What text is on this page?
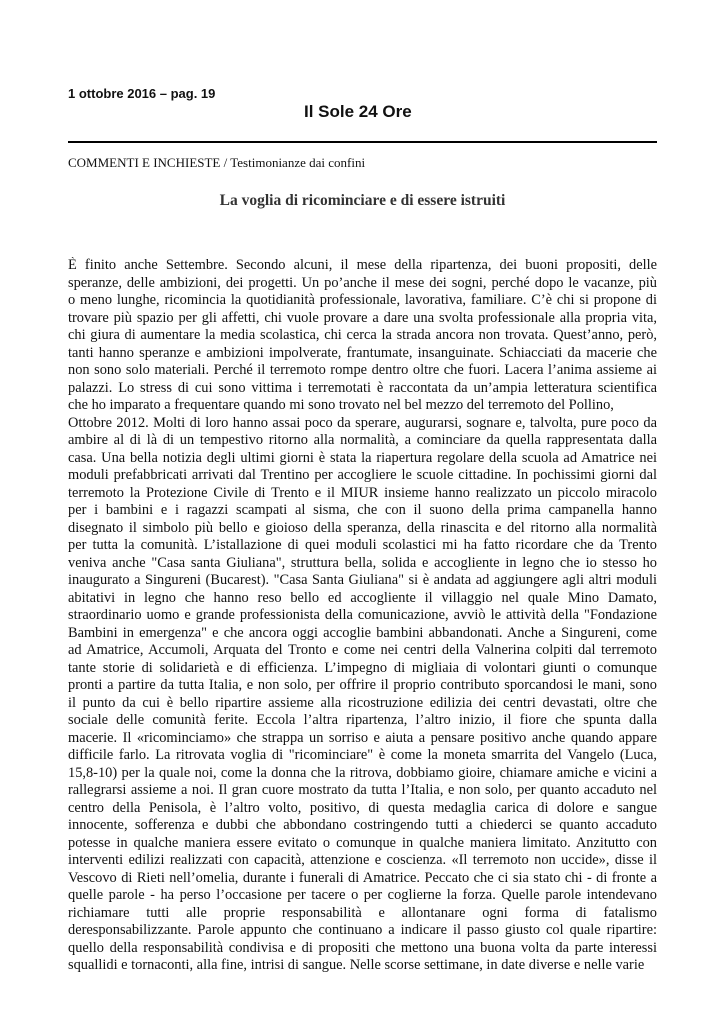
1 ottobre 2016 – pag. 19
Il Sole 24 Ore
COMMENTI E INCHIESTE / Testimonianze dai confini
La voglia di ricominciare e di essere istruiti
È finito anche Settembre. Secondo alcuni, il mese della ripartenza, dei buoni propositi, delle
speranze, delle ambizioni, dei progetti. Un po’anche il mese dei sogni, perché dopo le vacanze, più
o meno lunghe, ricomincia la quotidianità professionale, lavorativa, familiare. C’è chi si propone di
trovare più spazio per gli affetti, chi vuole provare a dare una svolta professionale alla propria vita,
chi giura di aumentare la media scolastica, chi cerca la strada ancora non trovata. Quest’anno, però,
tanti hanno speranze e ambizioni impolverate, frantumate, insanguinate. Schiacciati da macerie che
non sono solo materiali. Perché il terremoto rompe dentro oltre che fuori. Lacera l’anima assieme ai
palazzi. Lo stress di cui sono vittima i terremotati è raccontata da un’ampia letteratura scientifica
che ho imparato a frequentare quando mi sono trovato nel bel mezzo del terremoto del Pollino,
Ottobre 2012. Molti di loro hanno assai poco da sperare, augurarsi, sognare e, talvolta, pure poco da
ambire al di là di un tempestivo ritorno alla normalità, a cominciare da quella rappresentata dalla
casa. Una bella notizia degli ultimi giorni è stata la riapertura regolare della scuola ad Amatrice nei
moduli prefabbricati arrivati dal Trentino per accogliere le scuole cittadine. In pochissimi giorni dal
terremoto la Protezione Civile di Trento e il MIUR insieme hanno realizzato un piccolo miracolo
per i bambini e i ragazzi scampati al sisma, che con il suono della prima campanella hanno
disegnato il simbolo più bello e gioioso della speranza, della rinascita e del ritorno alla normalità
per tutta la comunità. L’istallazione di quei moduli scolastici mi ha fatto ricordare che da Trento
veniva anche "Casa santa Giuliana", struttura bella, solida e accogliente in legno che io stesso ho
inaugurato a Singureni (Bucarest). "Casa Santa Giuliana" si è andata ad aggiungere agli altri moduli
abitativi in legno che hanno reso bello ed accogliente il villaggio nel quale Mino Damato,
straordinario uomo e grande professionista della comunicazione, avviò le attività della "Fondazione
Bambini in emergenza" e che ancora oggi accoglie bambini abbandonati. Anche a Singureni, come
ad Amatrice, Accumoli, Arquata del Tronto e come nei centri della Valnerina colpiti dal terremoto
tante storie di solidarietà e di efficienza. L’impegno di migliaia di volontari giunti o comunque
pronti a partire da tutta Italia, e non solo, per offrire il proprio contributo sporcandosi le mani, sono
il punto da cui è bello ripartire assieme alla ricostruzione edilizia dei centri devastati, oltre che
sociale delle comunità ferite. Eccola l’altra ripartenza, l’altro inizio, il fiore che spunta dalla
macerie. Il «ricominciamo» che strappa un sorriso e aiuta a pensare positivo anche quando appare
difficile farlo. La ritrovata voglia di "ricominciare" è come la moneta smarrita del Vangelo (Luca,
15,8-10) per la quale noi, come la donna che la ritrova, dobbiamo gioire, chiamare amiche e vicini a
rallegrarsi assieme a noi. Il gran cuore mostrato da tutta l’Italia, e non solo, per quanto accaduto nel
centro della Penisola, è l’altro volto, positivo, di questa medaglia carica di dolore e sangue
innocente, sofferenza e dubbi che abbondano costringendo tutti a chiederci se quanto accaduto
potesse in qualche maniera essere evitato o comunque in qualche maniera limitato. Anzitutto con
interventi edilizi realizzati con capacità, attenzione e coscienza. «Il terremoto non uccide», disse il
Vescovo di Rieti nell’omelia, durante i funerali di Amatrice. Peccato che ci sia stato chi - di fronte a
quelle parole - ha perso l’occasione per tacere o per coglierne la forza. Quelle parole intendevano
richiamare tutti alle proprie responsabilità e allontanare ogni forma di fatalismo
deresponsabilizzante. Parole appunto che continuano a indicare il passo giusto col quale ripartire:
quello della responsabilità condivisa e di propositi che mettono una buona volta da parte interessi
squallidi e tornaconti, alla fine, intrisi di sangue. Nelle scorse settimane, in date diverse e nelle varie
